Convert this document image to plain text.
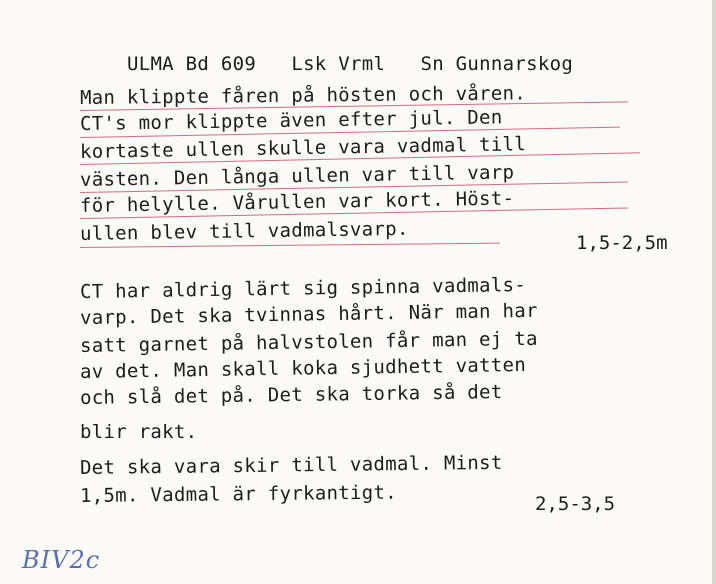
ULMA Bd 609 Lsk Vrml Sn Gunnarskog

Man klippte fåren på hösten och våren.
CT's mor klippte även efter jul. Den
kortaste ullen skulle vara vadmal till
västen. Den långa ullen var till varp
för helylle. Vårullen var kort. Höst-
ullen blev till vadmalsvarp.	1,5-2,5m
CT har aldrig lärt sig spinna vadmals-
varp. Det ska tvinnas hårt. När man har
satt garnet på halvstolen får man ej ta
av det. Man skall koka sjudhett vatten
och slå det på. Det ska torka så det
blir rakt.
Det ska vara skir till vadmal. Minst
1,5m. Vadmal är fyrkantigt.	2,5-3,5
BIV2c
